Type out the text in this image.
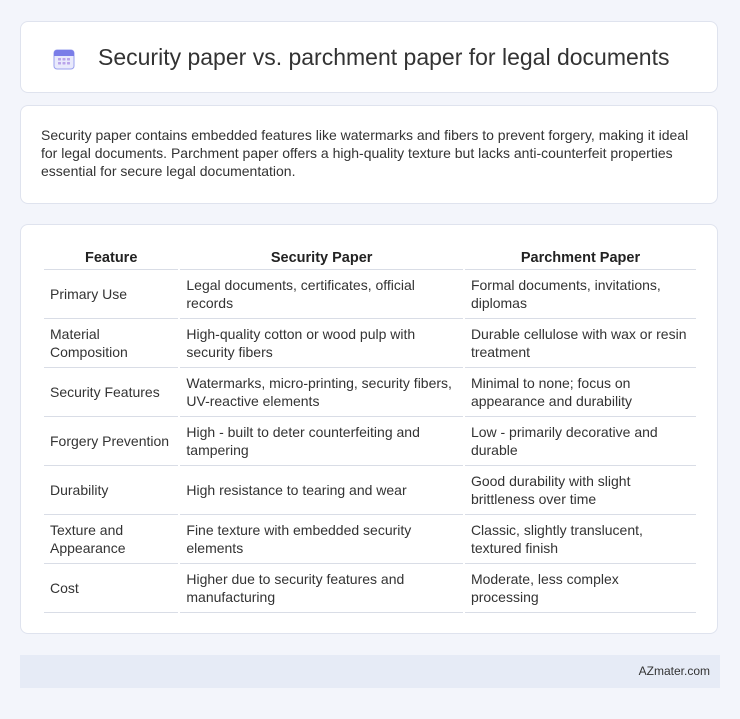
Security paper vs. parchment paper for legal documents
Security paper contains embedded features like watermarks and fibers to prevent forgery, making it ideal for legal documents. Parchment paper offers a high-quality texture but lacks anti-counterfeit properties essential for secure legal documentation.
Feature	Security Paper	Parchment Paper
Primary Use	Legal documents, certificates, official records	Formal documents, invitations, diplomas
Material Composition	High-quality cotton or wood pulp with security fibers	Durable cellulose with wax or resin treatment
Security Features	Watermarks, micro-printing, security fibers, UV-reactive elements	Minimal to none; focus on appearance and durability
Forgery Prevention	High - built to deter counterfeiting and tampering	Low - primarily decorative and durable
Durability	High resistance to tearing and wear	Good durability with slight brittleness over time
Texture and Appearance	Fine texture with embedded security elements	Classic, slightly translucent, textured finish
Cost	Higher due to security features and manufacturing	Moderate, less complex processing
AZmater.com
